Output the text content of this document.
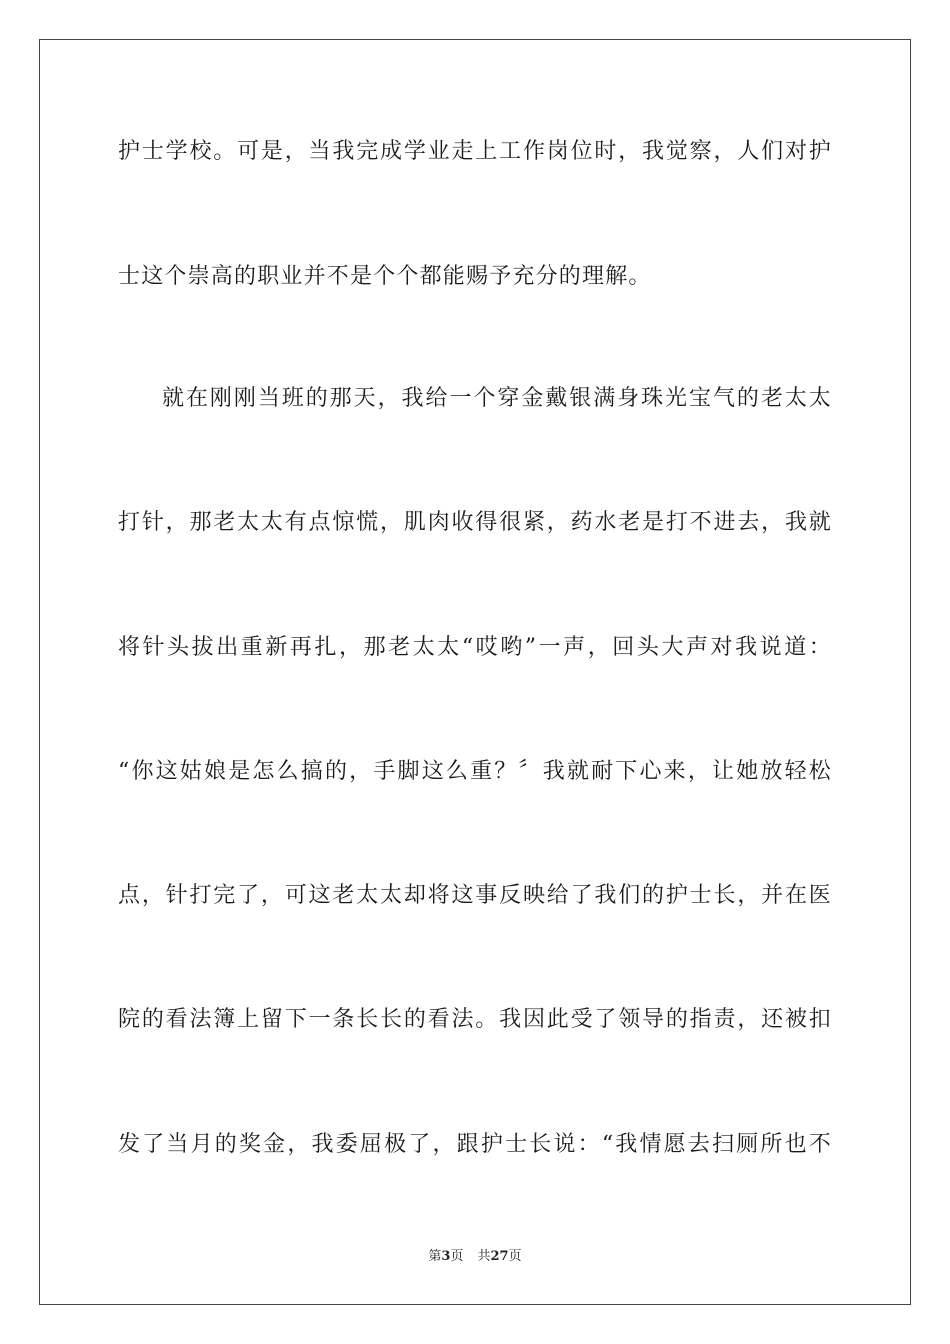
护士学校。可是，当我完成学业走上工作岗位时，我觉察，人们对护
士这个崇高的职业并不是个个都能赐予充分的理解。
就在刚刚当班的那天，我给一个穿金戴银满身珠光宝气的老太太
打针，那老太太有点惊慌，肌肉收得很紧，药水老是打不进去，我就
将针头拔出重新再扎，那老太太“哎哟”一声，回头大声对我说道：
“你这姑娘是怎么搞的，手脚这么重？〞我就耐下心来，让她放轻松
点，针打完了，可这老太太却将这事反映给了我们的护士长，并在医
院的看法簿上留下一条长长的看法。我因此受了领导的指责，还被扣
发了当月的奖金，我委屈极了，跟护士长说：“我情愿去扫厕所也不
第3页 共27页
